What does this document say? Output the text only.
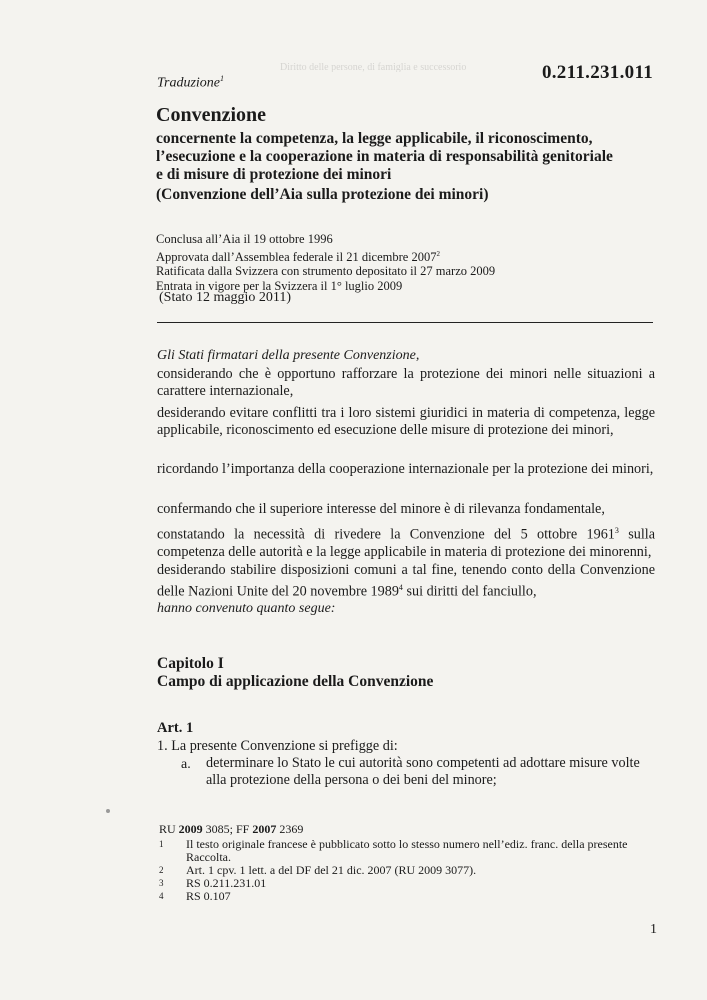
Diritto delle persone, di famiglia e successorio
Traduzione$^1$	0.211.231.011
Convenzione
concernente la competenza, la legge applicabile, il riconoscimento,
l’esecuzione e la cooperazione in materia di responsabilità genitoriale
e di misure di protezione dei minori
(Convenzione dell’Aia sulla protezione dei minori)
Conclusa all’Aia il 19 ottobre 1996
Approvata dall’Assemblea federale il 21 dicembre 2007$^2$
Ratificata dalla Svizzera con strumento depositato il 27 marzo 2009
Entrata in vigore per la Svizzera il 1° luglio 2009
(Stato 12 maggio 2011)
Gli Stati firmatari della presente Convenzione,

considerando che è opportuno rafforzare la protezione dei minori nelle situazioni a carattere internazionale,

desiderando evitare conflitti tra i loro sistemi giuridici in materia di competenza, legge applicabile, riconoscimento ed esecuzione delle misure di protezione dei minori,

ricordando l’importanza della cooperazione internazionale per la protezione dei minori,

confermando che il superiore interesse del minore è di rilevanza fondamentale,

constatando la necessità di rivedere la Convenzione del 5 ottobre 1961$^3$ sulla competenza delle autorità e la legge applicabile in materia di protezione dei minorenni,

desiderando stabilire disposizioni comuni a tal fine, tenendo conto della Convenzione delle Nazioni Unite del 20 novembre 1989$^4$ sui diritti del fanciullo,

hanno convenuto quanto segue:
Capitolo I
Campo di applicazione della Convenzione
Art. 1
1. La presente Convenzione si prefigge di:
a. determinare lo Stato le cui autorità sono competenti ad adottare misure volte alla protezione della persona o dei beni del minore;

RU 2009 3085; FF 2007 2369
1 Il testo originale francese è pubblicato sotto lo stesso numero nell’ediz. franc. della presente Raccolta.
2 Art. 1 cpv. 1 lett. a del DF del 21 dic. 2007 (RU 2009 3077).
3 RS 0.211.231.01
4 RS 0.107
1
